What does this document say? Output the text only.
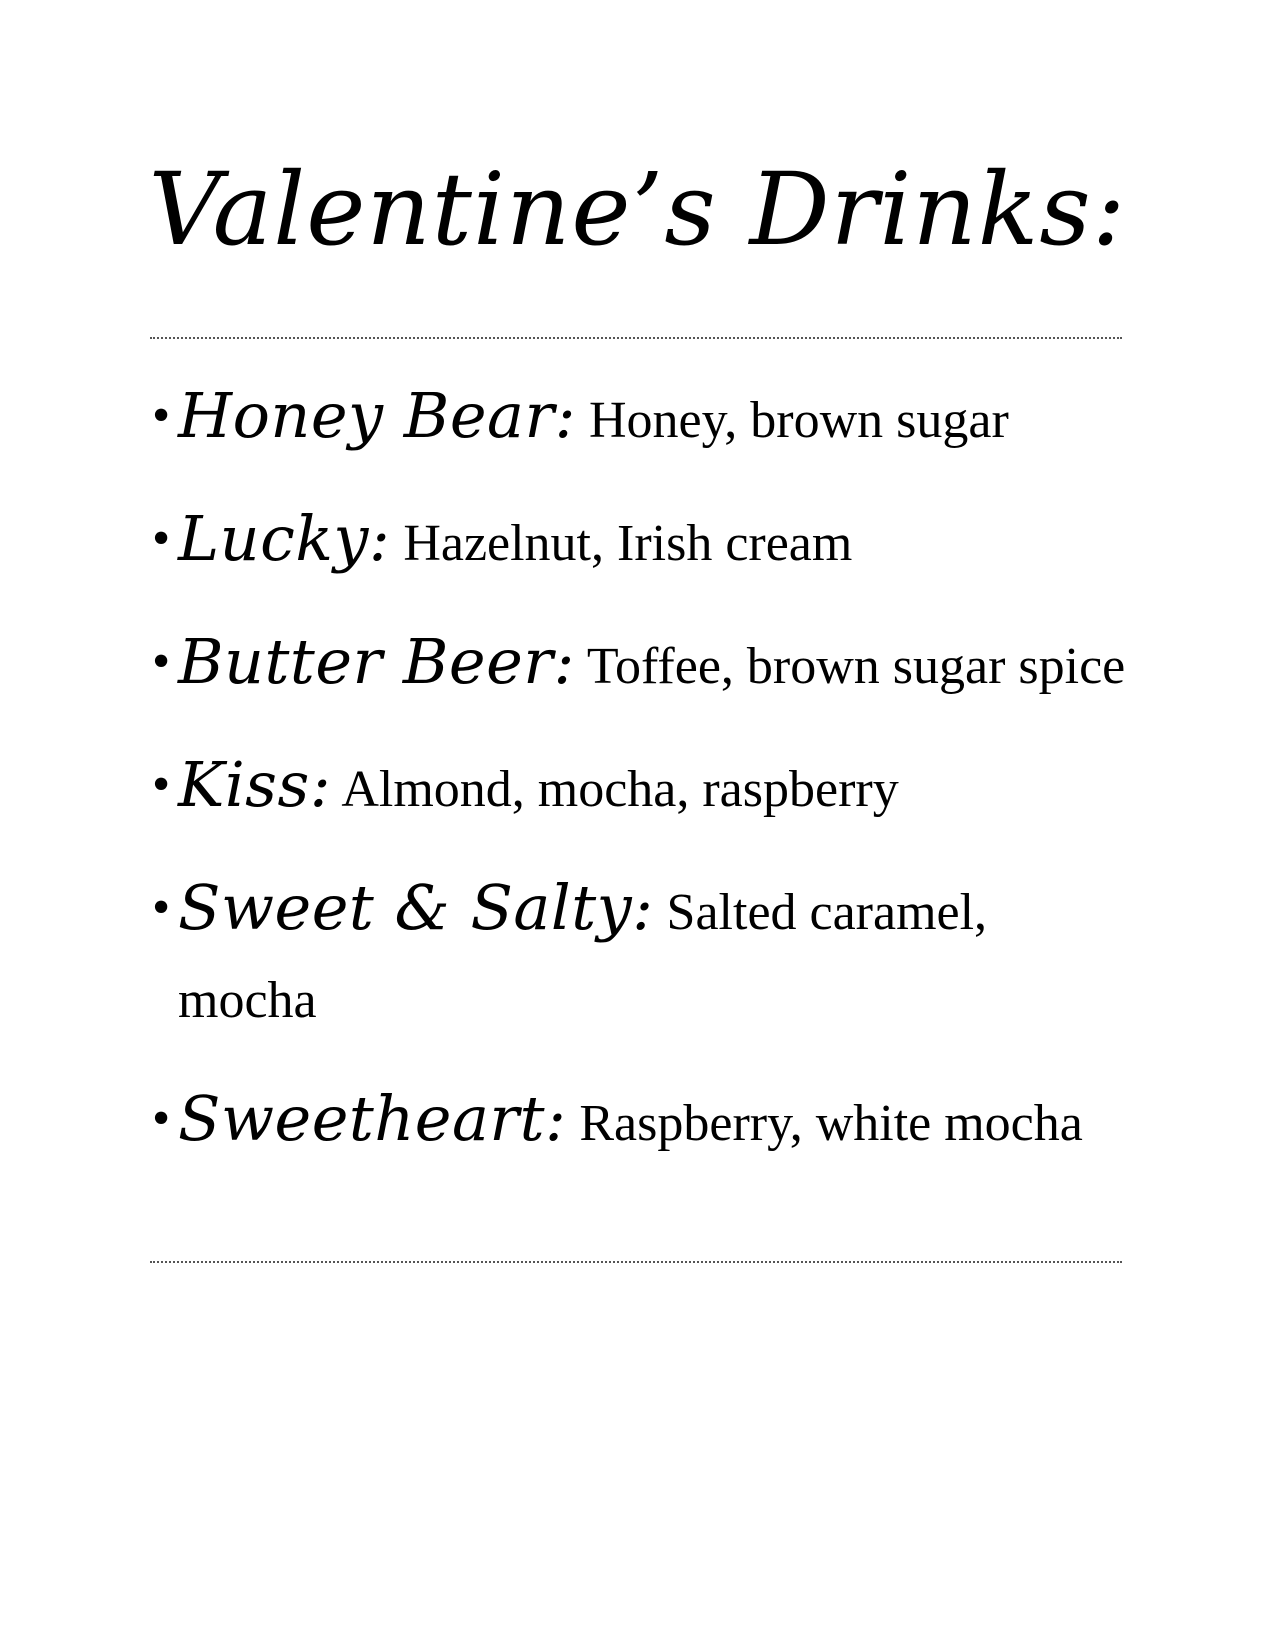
Valentine’s Drinks:
• Honey Bear: Honey, brown sugar
• Lucky: Hazelnut, Irish cream
• Butter Beer: Toffee, brown sugar spice
• Kiss: Almond, mocha, raspberry
• Sweet & Salty: Salted caramel, mocha
• Sweetheart: Raspberry, white mocha
